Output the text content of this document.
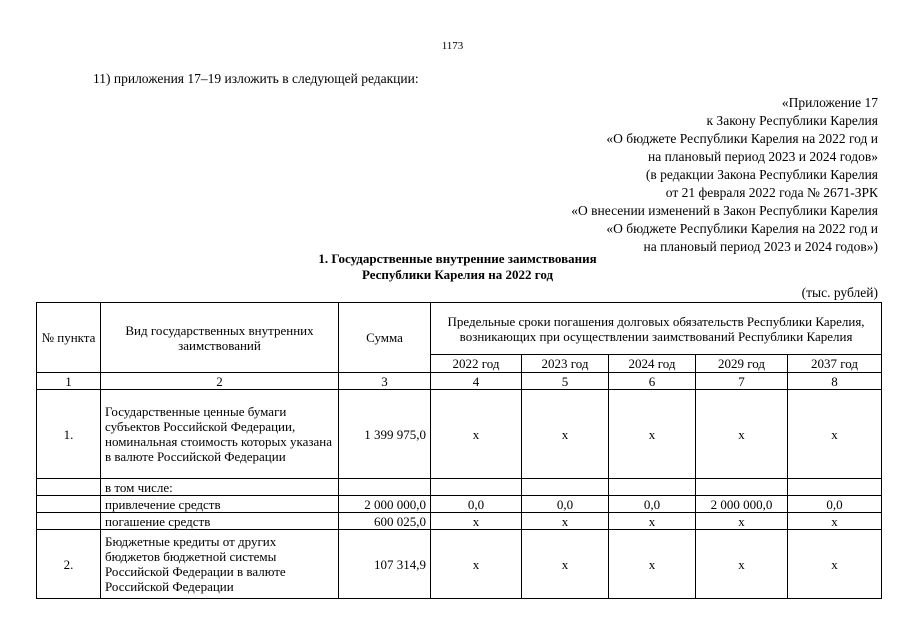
1173
11) приложения 17–19 изложить в следующей редакции:
«Приложение 17
к Закону Республики Карелия
«О бюджете Республики Карелия на 2022 год и
на плановый период 2023 и 2024 годов»
(в редакции Закона Республики Карелия
от 21 февраля 2022 года № 2671-ЗРК
«О внесении изменений в Закон Республики Карелия
«О бюджете Республики Карелия на 2022 год и
на плановый период 2023 и 2024 годов»)
1. Государственные внутренние заимствования
Республики Карелия на 2022 год
(тыс. рублей)
№ пункта	Вид государственных внутренних заимствований	Сумма	Предельные сроки погашения долговых обязательств Республики Карелия, возникающих при осуществлении заимствований Республики Карелия				
			2022 год	2023 год	2024 год	2029 год	2037 год
1	2	3	4	5	6	7	8
1.	Государственные ценные бумаги субъектов Российской Федерации, номинальная стоимость которых указана в валюте Российской Федерации	1 399 975,0	x	x	x	x	x
	в том числе:						
	привлечение средств	2 000 000,0	0,0	0,0	0,0	2 000 000,0	0,0
	погашение средств	600 025,0	x	x	x	x	x
2.	Бюджетные кредиты от других бюджетов бюджетной системы Российской Федерации в валюте Российской Федерации	107 314,9	x	x	x	x	x
